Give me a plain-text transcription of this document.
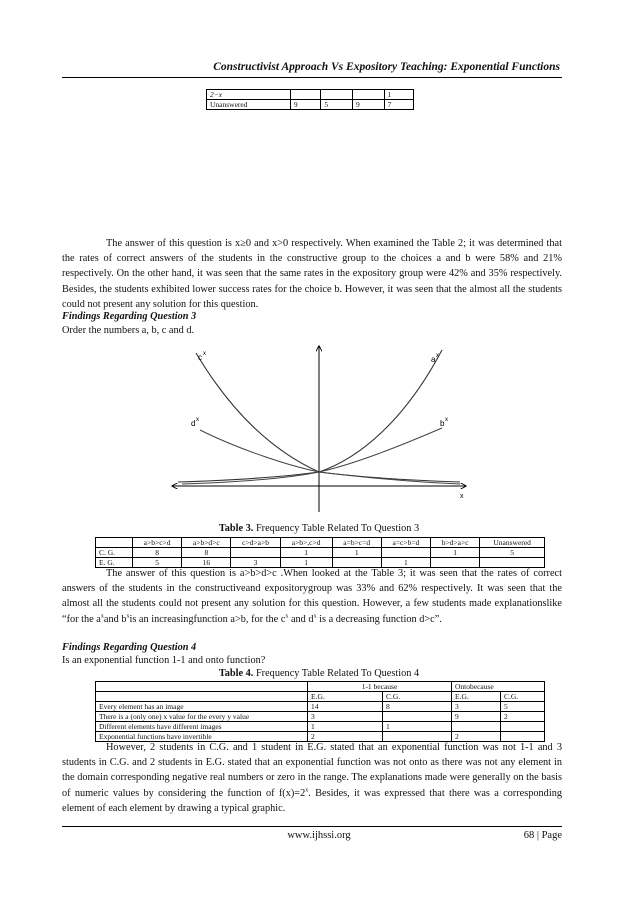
Constructivist Approach Vs Expository Teaching: Exponential Functions
2−x				1
Unanswered	9	5	9	7

The answer of this question is x≥0 and x>0 respectively. When examined the Table 2; it was determined that the rates of correct answers of the students in the constructive group to the choices a and b were 58% and 21% respectively. On the other hand, it was seen that the same rates in the expository group were 42% and 35% respectively. Besides, the students exhibited lower success rates for the choice b. However, it was seen that the almost all the students could not present any solution for this question.

Findings Regarding Question 3
Order the numbers a, b, c and d.
c x
a x
d x	b x
x
Table 3. Frequency Table Related To Question 3
	a>b>c>d	a>b>d>c	c>d>a>b	a>b>,c>d	a=b>c=d	a=c>b=d	b>d>a>c	Unanswered
C. G.	8	8		1	1		1	5
E. G.	5	16	3	1		1		

The answer of this question is a>b>d>c .When looked at the Table 3; it was seen that the rates of correct answers of the students in the constructiveand expositorygroup was 33% and 62% respectively. It was seen that the almost all the students could not present any solution for this question. However, a few students made explanationslike “for the $a^xand$ $b^xis$ an increasingfunction a>b, for the $c^x$ and $d^x$ is a decreasing function d>c”.

Findings Regarding Question 4
Is an exponential function 1-1 and onto function?
Table 4. Frequency Table Related To Question 4
	1-1 because		Ontobecause	
	E.G.	C.G.	E.G.	C.G.
Every element has an image	14	8	3	5
There is a (only one) x value for the every y value	3		9	2
Different elements have different images	1	1		
Exponential functions have invertible	2		2	

However, 2 students in C.G. and 1 student in E.G. stated that an exponential function was not 1-1 and 3 students in C.G. and 2 students in E.G. stated that an exponential function was not onto as there was not any element in the domain corresponding negative real numbers or zero in the range. The explanations made were generally on the basis of numeric values by considering the function of $f(x)=2^x$. Besides, it was expressed that there was a corresponding element of each element by drawing a typical graphic.

www.ijhssi.org	68 | Page
